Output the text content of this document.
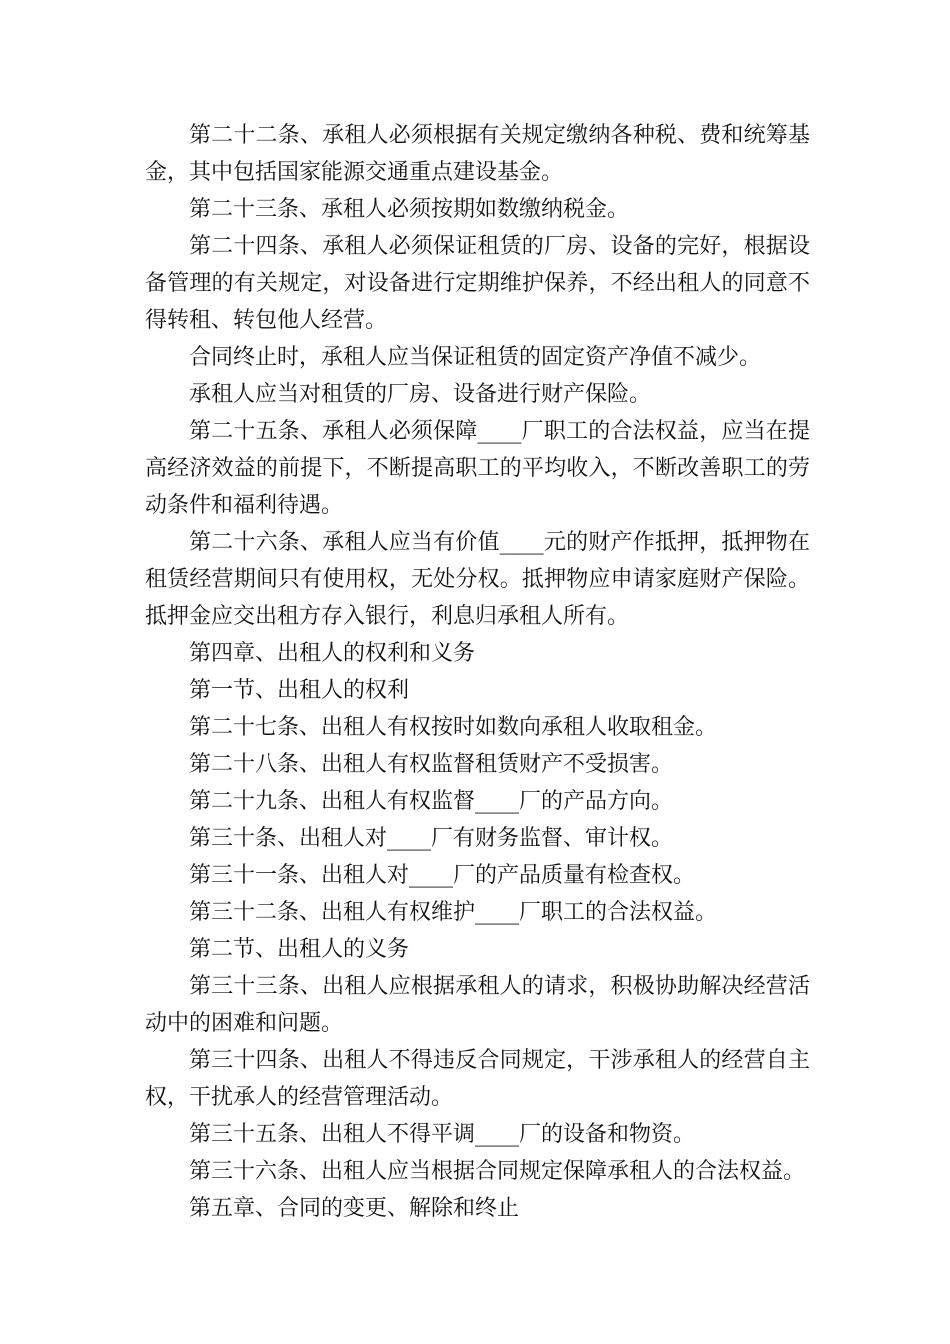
第二十二条、承租人必须根据有关规定缴纳各种税、费和统筹基金，其中包括国家能源交通重点建设基金。

第二十三条、承租人必须按期如数缴纳税金。

第二十四条、承租人必须保证租赁的厂房、设备的完好，根据设备管理的有关规定，对设备进行定期维护保养，不经出租人的同意不得转租、转包他人经营。

合同终止时，承租人应当保证租赁的固定资产净值不减少。

承租人应当对租赁的厂房、设备进行财产保险。

第二十五条、承租人必须保障____厂职工的合法权益，应当在提高经济效益的前提下，不断提高职工的平均收入，不断改善职工的劳动条件和福利待遇。

第二十六条、承租人应当有价值____元的财产作抵押，抵押物在租赁经营期间只有使用权，无处分权。抵押物应申请家庭财产保险。抵押金应交出租方存入银行，利息归承租人所有。

第四章、出租人的权利和义务

第一节、出租人的权利

第二十七条、出租人有权按时如数向承租人收取租金。

第二十八条、出租人有权监督租赁财产不受损害。

第二十九条、出租人有权监督____厂的产品方向。

第三十条、出租人对____厂有财务监督、审计权。

第三十一条、出租人对____厂的产品质量有检查权。

第三十二条、出租人有权维护____厂职工的合法权益。

第二节、出租人的义务

第三十三条、出租人应根据承租人的请求，积极协助解决经营活动中的困难和问题。

第三十四条、出租人不得违反合同规定，干涉承租人的经营自主权，干扰承人的经营管理活动。

第三十五条、出租人不得平调____厂的设备和物资。

第三十六条、出租人应当根据合同规定保障承租人的合法权益。

第五章、合同的变更、解除和终止
